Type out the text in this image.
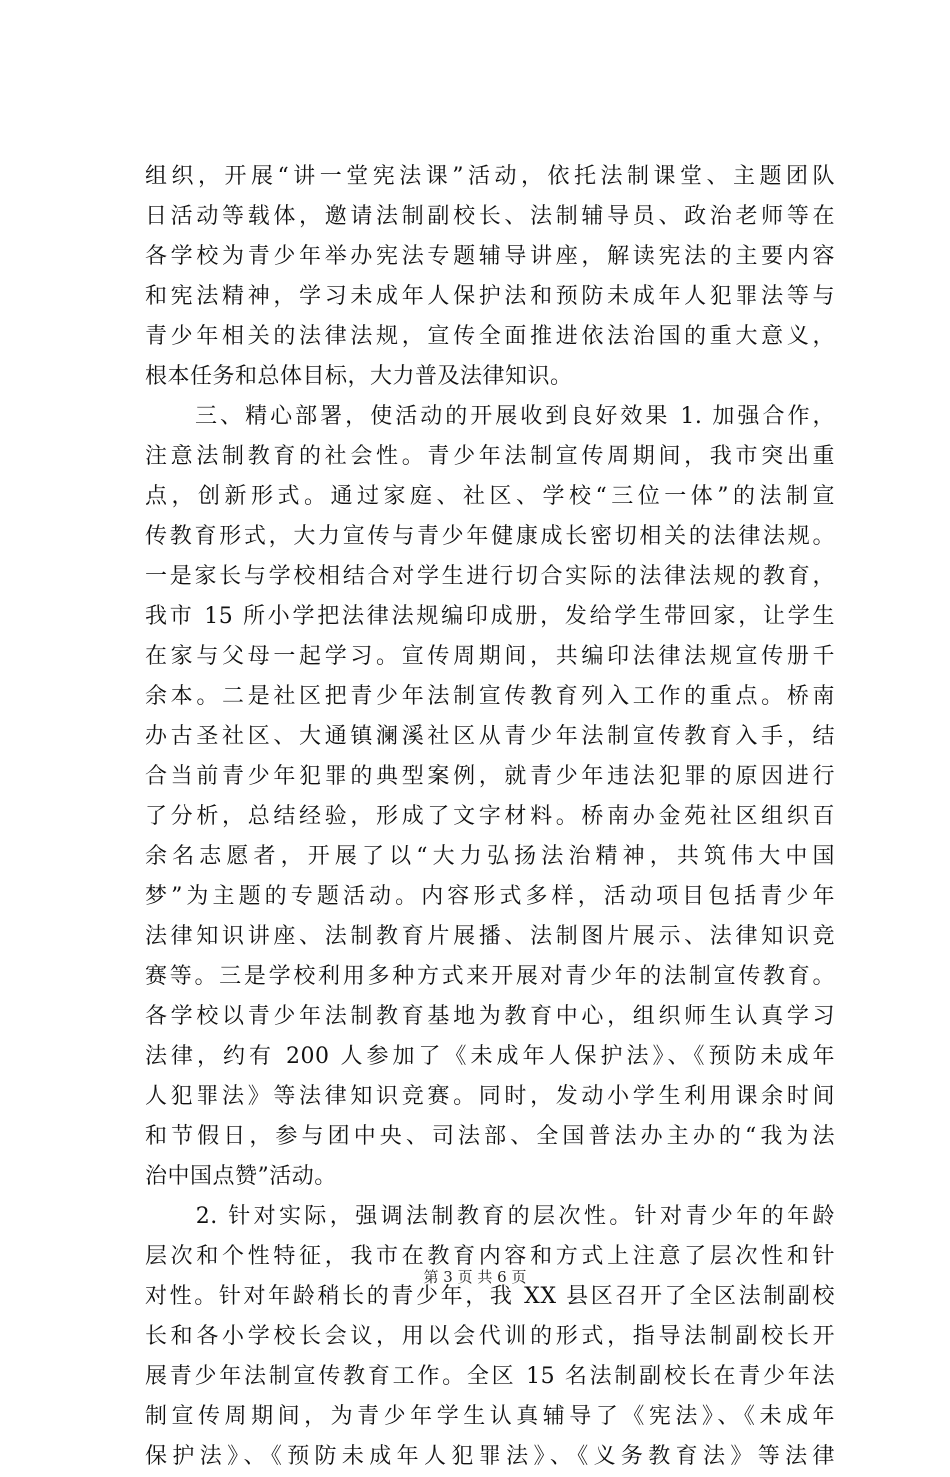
组织，开展“讲一堂宪法课”活动，依托法制课堂、主题团队
日活动等载体，邀请法制副校长、法制辅导员、政治老师等在
各学校为青少年举办宪法专题辅导讲座，解读宪法的主要内容
和宪法精神，学习未成年人保护法和预防未成年人犯罪法等与
青少年相关的法律法规，宣传全面推进依法治国的重大意义，
根本任务和总体目标，大力普及法律知识。
　　三、精心部署，使活动的开展收到良好效果 1. 加强合作，
注意法制教育的社会性。青少年法制宣传周期间，我市突出重
点，创新形式。通过家庭、社区、学校“三位一体”的法制宣
传教育形式，大力宣传与青少年健康成长密切相关的法律法规。
一是家长与学校相结合对学生进行切合实际的法律法规的教育，
我市 15 所小学把法律法规编印成册，发给学生带回家，让学生
在家与父母一起学习。宣传周期间，共编印法律法规宣传册千
余本。二是社区把青少年法制宣传教育列入工作的重点。桥南
办古圣社区、大通镇澜溪社区从青少年法制宣传教育入手，结
合当前青少年犯罪的典型案例，就青少年违法犯罪的原因进行
了分析，总结经验，形成了文字材料。桥南办金苑社区组织百
余名志愿者，开展了以“大力弘扬法治精神，共筑伟大中国
梦”为主题的专题活动。内容形式多样，活动项目包括青少年
法律知识讲座、法制教育片展播、法制图片展示、法律知识竞
赛等。三是学校利用多种方式来开展对青少年的法制宣传教育。
各学校以青少年法制教育基地为教育中心，组织师生认真学习
法律，约有 200 人参加了《未成年人保护法》、《预防未成年
人犯罪法》等法律知识竞赛。同时，发动小学生利用课余时间
和节假日，参与团中央、司法部、全国普法办主办的“我为法
治中国点赞”活动。
　　2. 针对实际，强调法制教育的层次性。针对青少年的年龄
层次和个性特征，我市在教育内容和方式上注意了层次性和针
对性。针对年龄稍长的青少年，我 XX 县区召开了全区法制副校
长和各小学校长会议，用以会代训的形式，指导法制副校长开
展青少年法制宣传教育工作。全区 15 名法制副校长在青少年法
制宣传周期间，为青少年学生认真辅导了《宪法》、《未成年
保护法》、《预防未成年人犯罪法》、《义务教育法》等法律
第 3 页 共 6 页
